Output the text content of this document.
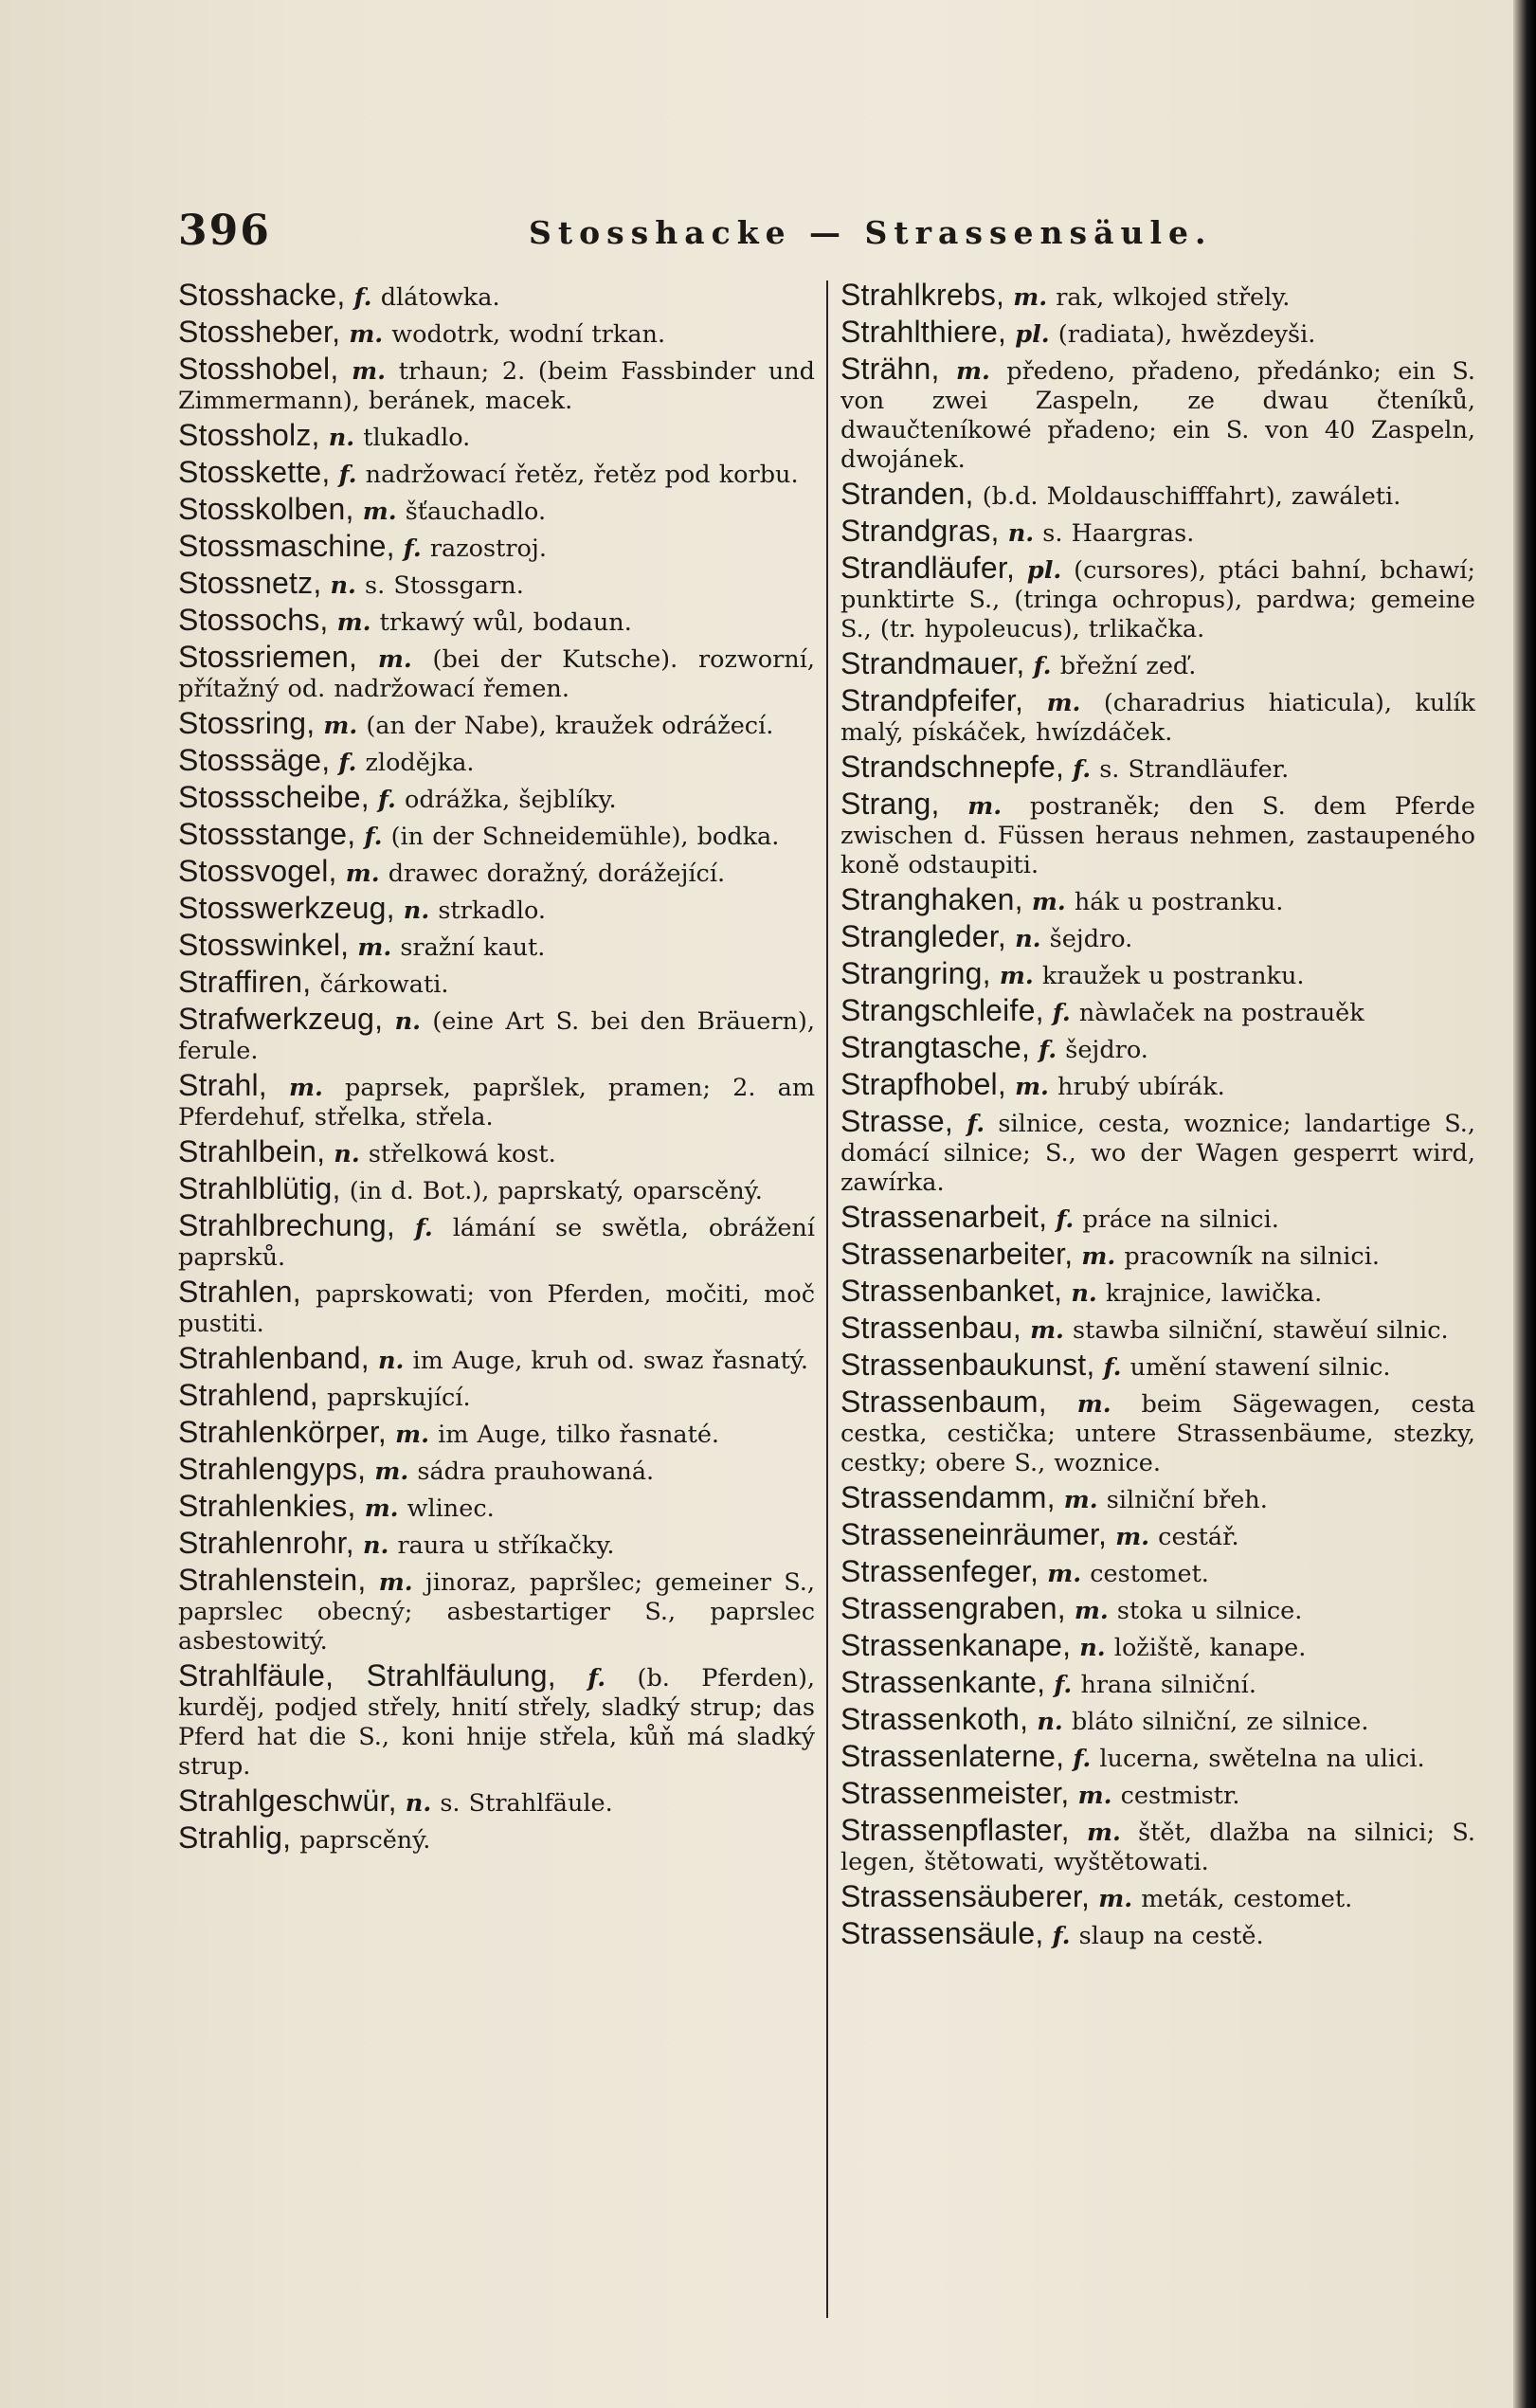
396	Stosshacke — Strassensäule.
Stosshacke, f. dlátowka.
Stossheber, m. wodotrk, wodní trkan.
Stosshobel, m. trhaun; 2. (beim Fassbinder und Zimmermann), beránek, macek.
Stossholz, n. tlukadlo.
Stosskette, f. nadržowací řetěz, řetěz pod korbu.
Stosskolben, m. šťauchadlo.
Stossmaschine, f. razostroj.
Stossnetz, n. s. Stossgarn.
Stossochs, m. trkawý wůl, bodaun.
Stossriemen, m. (bei der Kutsche). rozworní, přítažný od. nadržowací řemen.
Stossring, m. (an der Nabe), kraužek odrážecí.
Stosssäge, f. zlodějka.
Stossscheibe, f. odrážka, šejblíky.
Stossstange, f. (in der Schneidemühle), bodka.
Stossvogel, m. drawec doražný, dorážející.
Stosswerkzeug, n. strkadlo.
Stosswinkel, m. sražní kaut.
Straffiren, čárkowati.
Strafwerkzeug, n. (eine Art S. bei den Bräuern), ferule.
Strahl, m. paprsek, papršlek, pramen; 2. am Pferdehuf, střelka, střela.
Strahlbein, n. střelkowá kost.
Strahlblütig, (in d. Bot.), paprskatý, oparscěný.
Strahlbrechung, f. lámání se swětla, obrážení paprsků.
Strahlen, paprskowati; von Pferden, močiti, moč pustiti.
Strahlenband, n. im Auge, kruh od. swaz řasnatý.
Strahlend, paprskující.
Strahlenkörper, m. im Auge, tilko řasnaté.
Strahlengyps, m. sádra prauhowaná.
Strahlenkies, m. wlinec.
Strahlenrohr, n. raura u stříkačky.
Strahlenstein, m. jinoraz, papršlec; gemeiner S., paprslec obecný; asbestartiger S., paprslec asbestowitý.
Strahlfäule, Strahlfäulung, f. (b. Pferden), kurděj, podjed střely, hnití střely, sladký strup; das Pferd hat die S., koni hnije střela, kůň má sladký strup.
Strahlgeschwür, n. s. Strahlfäule.
Strahlig, paprscěný.
Strahlkrebs, m. rak, wlkojed střely.
Strahlthiere, pl. (radiata), hwězdeyši.
Strähn, m. předeno, přadeno, předánko; ein S. von zwei Zaspeln, ze dwau čteníků, dwaučteníkowé přadeno; ein S. von 40 Zaspeln, dwojánek.
Stranden, (b.d. Moldauschifffahrt), zawáleti.
Strandgras, n. s. Haargras.
Strandläufer, pl. (cursores), ptáci bahní, bchawí; punktirte S., (tringa ochropus), pardwa; gemeine S., (tr. hypoleucus), trlikačka.
Strandmauer, f. břežní zeď.
Strandpfeifer, m. (charadrius hiaticula), kulík malý, pískáček, hwízdáček.
Strandschnepfe, f. s. Strandläufer.
Strang, m. postraněk; den S. dem Pferde zwischen d. Füssen heraus nehmen, zastaupeného koně odstaupiti.
Stranghaken, m. hák u postranku.
Strangleder, n. šejdro.
Strangring, m. kraužek u postranku.
Strangschleife, f. nàwlaček na postrauěk
Strangtasche, f. šejdro.
Strapfhobel, m. hrubý ubírák.
Strasse, f. silnice, cesta, woznice; landartige S., domácí silnice; S., wo der Wagen gesperrt wird, zawírka.
Strassenarbeit, f. práce na silnici.
Strassenarbeiter, m. pracowník na silnici.
Strassenbanket, n. krajnice, lawička.
Strassenbau, m. stawba silniční, stawěuí silnic.
Strassenbaukunst, f. umění stawení silnic.
Strassenbaum, m. beim Sägewagen, cesta cestka, cestička; untere Strassenbäume, stezky, cestky; obere S., woznice.
Strassendamm, m. silniční břeh.
Strasseneinräumer, m. cestář.
Strassenfeger, m. cestomet.
Strassengraben, m. stoka u silnice.
Strassenkanape, n. ložiště, kanape.
Strassenkante, f. hrana silniční.
Strassenkoth, n. bláto silniční, ze silnice.
Strassenlaterne, f. lucerna, swětelna na ulici.
Strassenmeister, m. cestmistr.
Strassenpflaster, m. štět, dlažba na silnici; S. legen, štětowati, wyštětowati.
Strassensäuberer, m. meták, cestomet.
Strassensäule, f. slaup na cestě.
